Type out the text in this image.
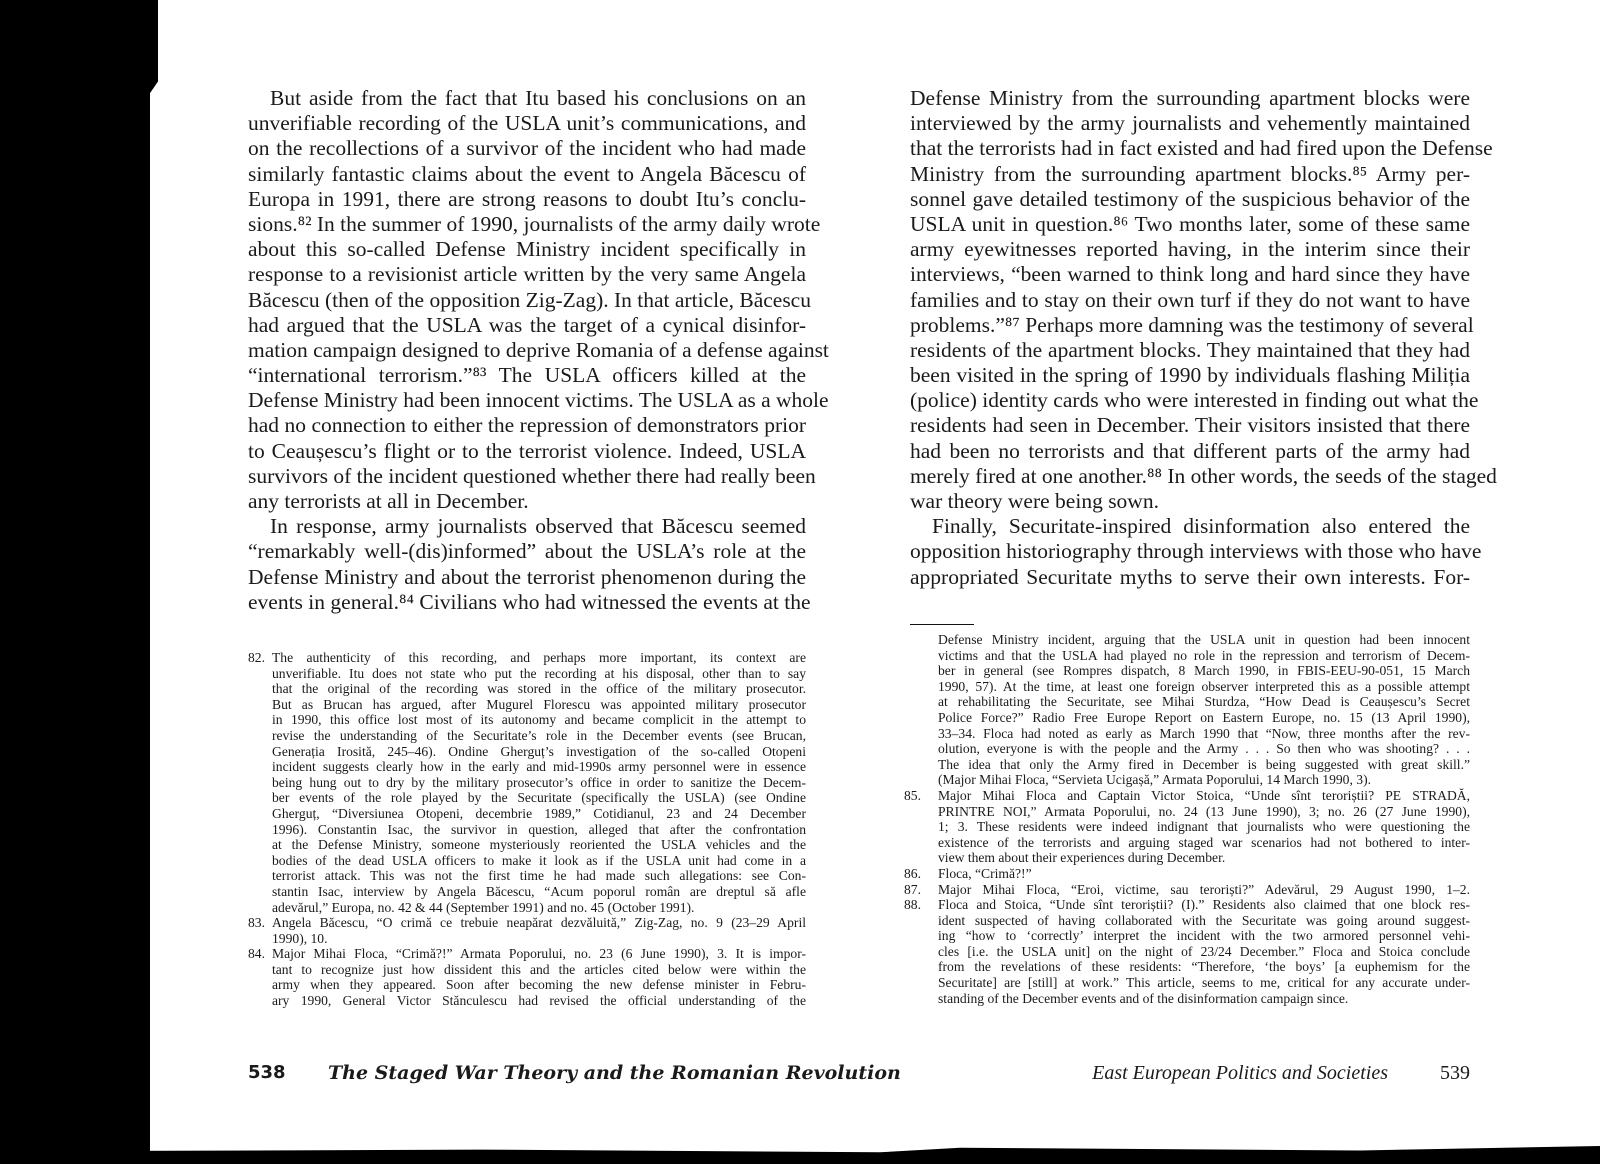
But aside from the fact that Itu based his conclusions on an
unverifiable recording of the USLA unit’s communications, and
on the recollections of a survivor of the incident who had made
similarly fantastic claims about the event to Angela Băcescu of
Europa in 1991, there are strong reasons to doubt Itu’s conclu-
sions.⁸² In the summer of 1990, journalists of the army daily wrote
about this so-called Defense Ministry incident specifically in
response to a revisionist article written by the very same Angela
Băcescu (then of the opposition Zig-Zag). In that article, Băcescu
had argued that the USLA was the target of a cynical disinfor-
mation campaign designed to deprive Romania of a defense against
“international terrorism.”⁸³ The USLA officers killed at the
Defense Ministry had been innocent victims. The USLA as a whole
had no connection to either the repression of demonstrators prior
to Ceaușescu’s flight or to the terrorist violence. Indeed, USLA
survivors of the incident questioned whether there had really been
any terrorists at all in December.
In response, army journalists observed that Băcescu seemed
“remarkably well-(dis)informed” about the USLA’s role at the
Defense Ministry and about the terrorist phenomenon during the
events in general.⁸⁴ Civilians who had witnessed the events at the
82. The authenticity of this recording, and perhaps more important, its context are
unverifiable. Itu does not state who put the recording at his disposal, other than to say
that the original of the recording was stored in the office of the military prosecutor.
But as Brucan has argued, after Mugurel Florescu was appointed military prosecutor
in 1990, this office lost most of its autonomy and became complicit in the attempt to
revise the understanding of the Securitate’s role in the December events (see Brucan,
Generația Irosită, 245–46). Ondine Gherguț’s investigation of the so-called Otopeni
incident suggests clearly how in the early and mid-1990s army personnel were in essence
being hung out to dry by the military prosecutor’s office in order to sanitize the Decem-
ber events of the role played by the Securitate (specifically the USLA) (see Ondine
Gherguț, “Diversiunea Otopeni, decembrie 1989,” Cotidianul, 23 and 24 December
1996). Constantin Isac, the survivor in question, alleged that after the confrontation
at the Defense Ministry, someone mysteriously reoriented the USLA vehicles and the
bodies of the dead USLA officers to make it look as if the USLA unit had come in a
terrorist attack. This was not the first time he had made such allegations: see Con-
stantin Isac, interview by Angela Băcescu, “Acum poporul român are dreptul să afle
adevărul,” Europa, no. 42 & 44 (September 1991) and no. 45 (October 1991).
83. Angela Băcescu, “O crimă ce trebuie neapărat dezvăluită,” Zig-Zag, no. 9 (23–29 April
1990), 10.
84. Major Mihai Floca, “Crimă?!” Armata Poporului, no. 23 (6 June 1990), 3. It is impor-
tant to recognize just how dissident this and the articles cited below were within the
army when they appeared. Soon after becoming the new defense minister in Febru-
ary 1990, General Victor Stănculescu had revised the official understanding of the
538 The Staged War Theory and the Romanian Revolution
Defense Ministry from the surrounding apartment blocks were
interviewed by the army journalists and vehemently maintained
that the terrorists had in fact existed and had fired upon the Defense
Ministry from the surrounding apartment blocks.⁸⁵ Army per-
sonnel gave detailed testimony of the suspicious behavior of the
USLA unit in question.⁸⁶ Two months later, some of these same
army eyewitnesses reported having, in the interim since their
interviews, “been warned to think long and hard since they have
families and to stay on their own turf if they do not want to have
problems.”⁸⁷ Perhaps more damning was the testimony of several
residents of the apartment blocks. They maintained that they had
been visited in the spring of 1990 by individuals flashing Miliția
(police) identity cards who were interested in finding out what the
residents had seen in December. Their visitors insisted that there
had been no terrorists and that different parts of the army had
merely fired at one another.⁸⁸ In other words, the seeds of the staged
war theory were being sown.
Finally, Securitate-inspired disinformation also entered the
opposition historiography through interviews with those who have
appropriated Securitate myths to serve their own interests. For-
Defense Ministry incident, arguing that the USLA unit in question had been innocent
victims and that the USLA had played no role in the repression and terrorism of Decem-
ber in general (see Rompres dispatch, 8 March 1990, in FBIS-EEU-90-051, 15 March
1990, 57). At the time, at least one foreign observer interpreted this as a possible attempt
at rehabilitating the Securitate, see Mihai Sturdza, “How Dead is Ceaușescu’s Secret
Police Force?” Radio Free Europe Report on Eastern Europe, no. 15 (13 April 1990),
33–34. Floca had noted as early as March 1990 that “Now, three months after the rev-
olution, everyone is with the people and the Army . . . So then who was shooting? . . .
The idea that only the Army fired in December is being suggested with great skill.”
(Major Mihai Floca, “Servieta Ucigașă,” Armata Poporului, 14 March 1990, 3).
85. Major Mihai Floca and Captain Victor Stoica, “Unde sînt teroriștii? PE STRADĂ,
PRINTRE NOI,” Armata Poporului, no. 24 (13 June 1990), 3; no. 26 (27 June 1990),
1; 3. These residents were indeed indignant that journalists who were questioning the
existence of the terrorists and arguing staged war scenarios had not bothered to inter-
view them about their experiences during December.
86. Floca, “Crimă?!”
87. Major Mihai Floca, “Eroi, victime, sau teroriști?” Adevărul, 29 August 1990, 1–2.
88. Floca and Stoica, “Unde sînt teroriștii? (I).” Residents also claimed that one block res-
ident suspected of having collaborated with the Securitate was going around suggest-
ing “how to ‘correctly’ interpret the incident with the two armored personnel vehi-
cles [i.e. the USLA unit] on the night of 23/24 December.” Floca and Stoica conclude
from the revelations of these residents: “Therefore, ‘the boys’ [a euphemism for the
Securitate] are [still] at work.” This article, seems to me, critical for any accurate under-
standing of the December events and of the disinformation campaign since.
East European Politics and Societies	539
